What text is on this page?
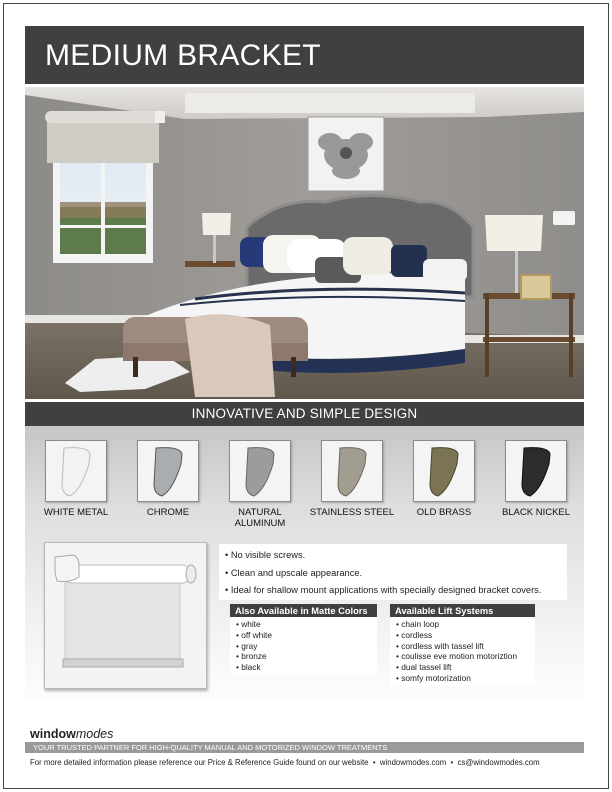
MEDIUM BRACKET
INNOVATIVE AND SIMPLE DESIGN
WHITE METAL	CHROME	NATURAL ALUMINUM
STAINLESS STEEL	OLD BRASS	BLACK NICKEL
• No visible screws.
• Clean and upscale appearance.
• Ideal for shallow mount applications with specially designed bracket covers.
Also Available in Matte Colors
• white
• off white
• gray
• bronze
• black
Available Lift Systems
• chain loop
• cordless
• cordless with tassel lift
• coulisse eve motion motoriztion
• dual tassel lift
• somfy motorization
windowmodes
YOUR TRUSTED PARTNER FOR HIGH-QUALITY MANUAL AND MOTORIZED WINDOW TREATMENTS
For more detailed information please reference our Price & Reference Guide found on our website  •  windowmodes.com  •  cs@windowmodes.com
